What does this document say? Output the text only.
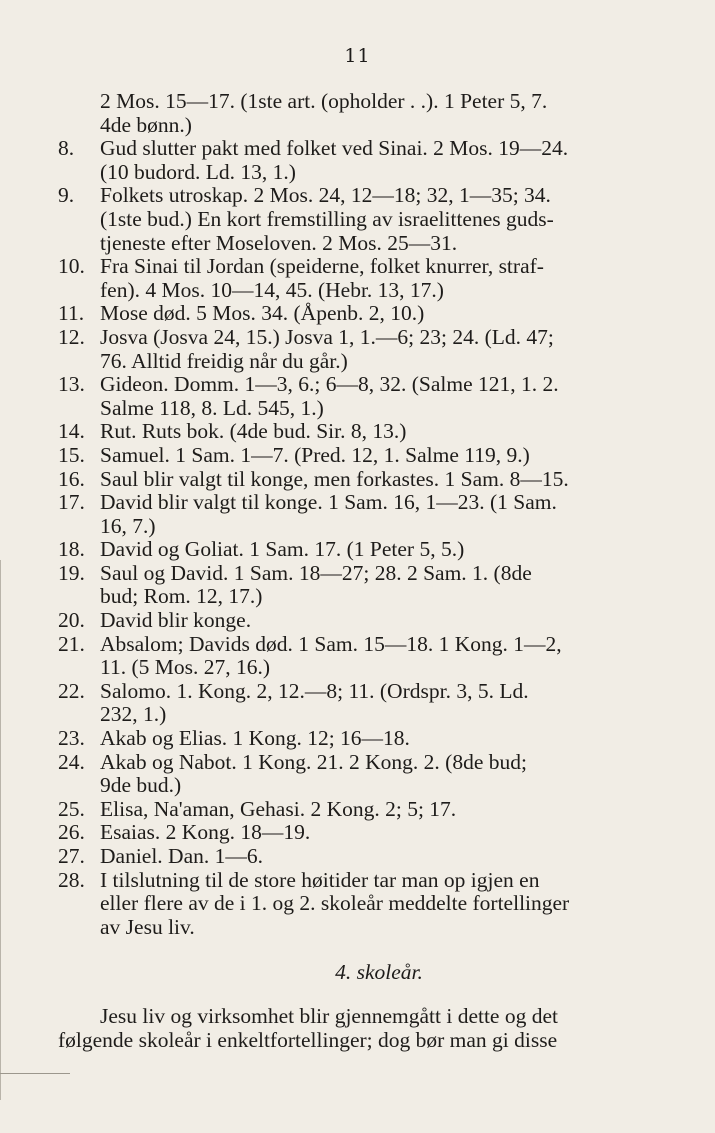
11
2 Mos. 15—17. (1ste art. (opholder . .). 1 Peter 5, 7.
4de bønn.)
8.	Gud slutter pakt med folket ved Sinai. 2 Mos. 19—24.
(10 budord. Ld. 13, 1.)
9.	Folkets utroskap. 2 Mos. 24, 12—18; 32, 1—35; 34.
(1ste bud.) En kort fremstilling av israelittenes guds-
tjeneste efter Moseloven. 2 Mos. 25—31.
10. Fra Sinai til Jordan (speiderne, folket knurrer, straf-
fen). 4 Mos. 10—14, 45. (Hebr. 13, 17.)
11. Mose død. 5 Mos. 34. (Åpenb. 2, 10.)
12. Josva (Josva 24, 15.) Josva 1, 1.—6; 23; 24. (Ld. 47;
76. Alltid freidig når du går.)
13. Gideon. Domm. 1—3, 6.; 6—8, 32. (Salme 121, 1. 2.
Salme 118, 8. Ld. 545, 1.)
14. Rut. Ruts bok. (4de bud. Sir. 8, 13.)
15. Samuel. 1 Sam. 1—7. (Pred. 12, 1. Salme 119, 9.)
16. Saul blir valgt til konge, men forkastes. 1 Sam. 8—15.
17. David blir valgt til konge. 1 Sam. 16, 1—23. (1 Sam.
16, 7.)
18. David og Goliat. 1 Sam. 17. (1 Peter 5, 5.)
19. Saul og David. 1 Sam. 18—27; 28. 2 Sam. 1. (8de
bud; Rom. 12, 17.)
20. David blir konge.
21. Absalom; Davids død. 1 Sam. 15—18. 1 Kong. 1—2,
11. (5 Mos. 27, 16.)
22. Salomo. 1. Kong. 2, 12.—8; 11. (Ordspr. 3, 5. Ld.
232, 1.)
23. Akab og Elias. 1 Kong. 12; 16—18.
24. Akab og Nabot. 1 Kong. 21. 2 Kong. 2. (8de bud;
9de bud.)
25. Elisa, Na'aman, Gehasi. 2 Kong. 2; 5; 17.
26. Esaias. 2 Kong. 18—19.
27. Daniel. Dan. 1—6.
28. I tilslutning til de store høitider tar man op igjen en
eller flere av de i 1. og 2. skoleår meddelte fortellinger
av Jesu liv.
4. skoleår.
Jesu liv og virksomhet blir gjennemgått i dette og det
følgende skoleår i enkeltfortellinger; dog bør man gi disse
